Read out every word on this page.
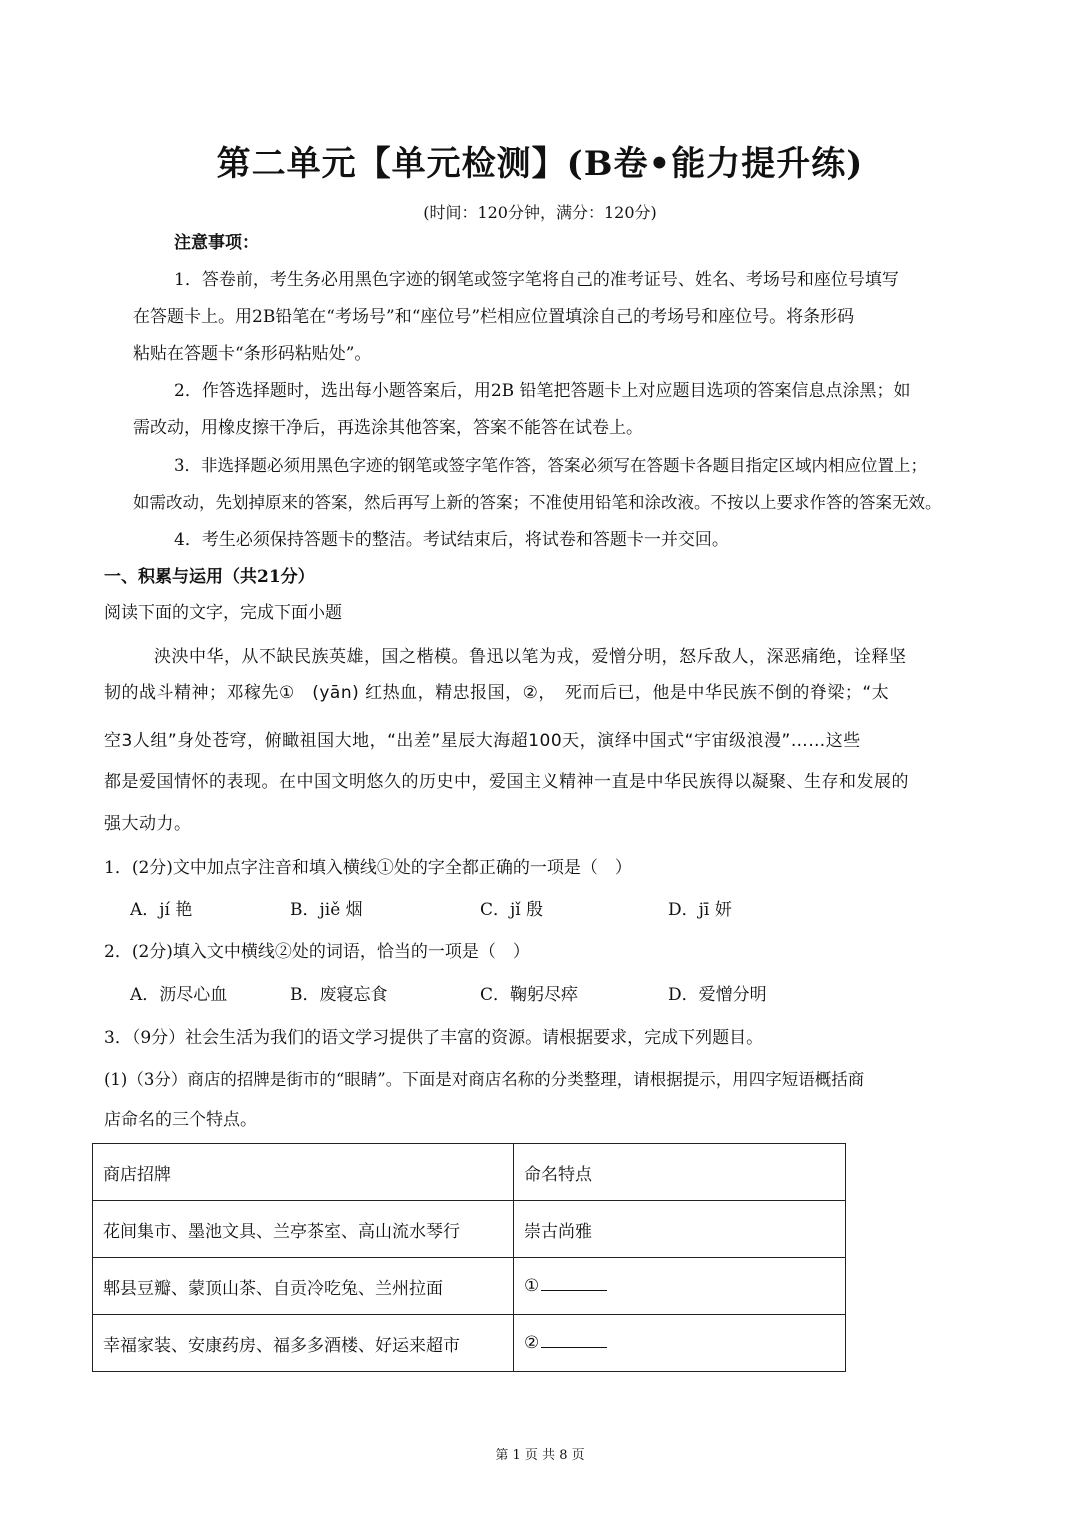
第二单元【单元检测】(B卷•能力提升练)
(时间：120分钟，满分：120分)
注意事项：
1．答卷前，考生务必用黑色字迹的钢笔或签字笔将自己的准考证号、姓名、考场号和座位号填写
在答题卡上。用2B铅笔在“考场号”和“座位号”栏相应位置填涂自己的考场号和座位号。将条形码
粘贴在答题卡“条形码粘贴处”。
2．作答选择题时，选出每小题答案后，用2B 铅笔把答题卡上对应题目选项的答案信息点涂黑；如
需改动，用橡皮擦干净后，再选涂其他答案，答案不能答在试卷上。
3．非选择题必须用黑色字迹的钢笔或签字笔作答，答案必须写在答题卡各题目指定区域内相应位置上；
如需改动，先划掉原来的答案，然后再写上新的答案；不准使用铅笔和涂改液。不按以上要求作答的答案无效。
4．考生必须保持答题卡的整洁。考试结束后，将试卷和答题卡一并交回。
一、积累与运用（共21分）
阅读下面的文字，完成下面小题
泱泱中华，从不缺民族英雄，国之楷模。鲁迅以笔为戎，爱憎分明，怒斥敌人，深恶痛绝，诠释坚
韧的战斗精神；邓稼先①　(yān) 红热血，精忠报国，②，　死而后已，他是中华民族不倒的脊梁；“太
空3人组”身处苍穹，俯瞰祖国大地，“出差”星辰大海超100天，演绎中国式“宇宙级浪漫”……这些
都是爱国情怀的表现。在中国文明悠久的历史中，爱国主义精神一直是中华民族得以凝聚、生存和发展的
强大动力。
1．(2分)文中加点字注音和填入横线①处的字全都正确的一项是（　）
A．jí 艳	B．jiě 烟	C．jǐ 殷	D．jī 妍
2．(2分)填入文中横线②处的词语，恰当的一项是（　）
A．沥尽心血	B．废寝忘食	C．鞠躬尽瘁	D．爱憎分明
3．（9分）社会生活为我们的语文学习提供了丰富的资源。请根据要求，完成下列题目。
(1)（3分）商店的招牌是街市的“眼睛”。下面是对商店名称的分类整理，请根据提示，用四字短语概括商
店命名的三个特点。
商店招牌	命名特点
花间集市、墨池文具、兰亭茶室、高山流水琴行	崇古尚雅
郫县豆瓣、蒙顶山茶、自贡冷吃兔、兰州拉面	①
幸福家装、安康药房、福多多酒楼、好运来超市	②
第 1 页 共 8 页
